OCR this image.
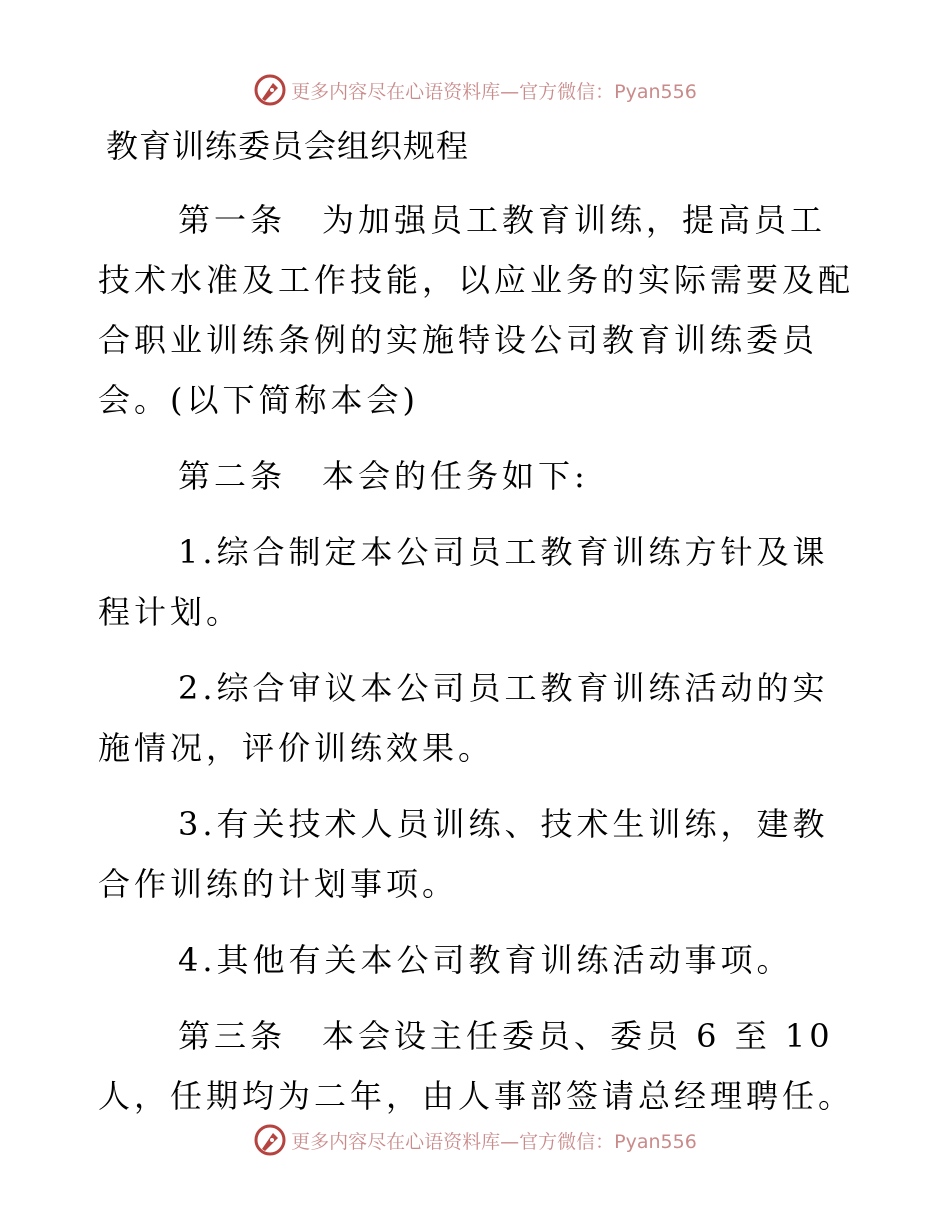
更多内容尽在心语资料库—官方微信：Pyan556
教育训练委员会组织规程

第一条　为加强员工教育训练，提高员工技术水准及工作技能，以应业务的实际需要及配合职业训练条例的实施特设公司教育训练委员会。(以下简称本会)

第二条　本会的任务如下:

1.综合制定本公司员工教育训练方针及课程计划。

2.综合审议本公司员工教育训练活动的实施情况，评价训练效果。

3.有关技术人员训练、技术生训练，建教合作训练的计划事项。

4.其他有关本公司教育训练活动事项。

第三条　本会设主任委员、委员 6 至 10 人，任期均为二年，由人事部签请总经理聘任。

更多内容尽在心语资料库—官方微信：Pyan556
